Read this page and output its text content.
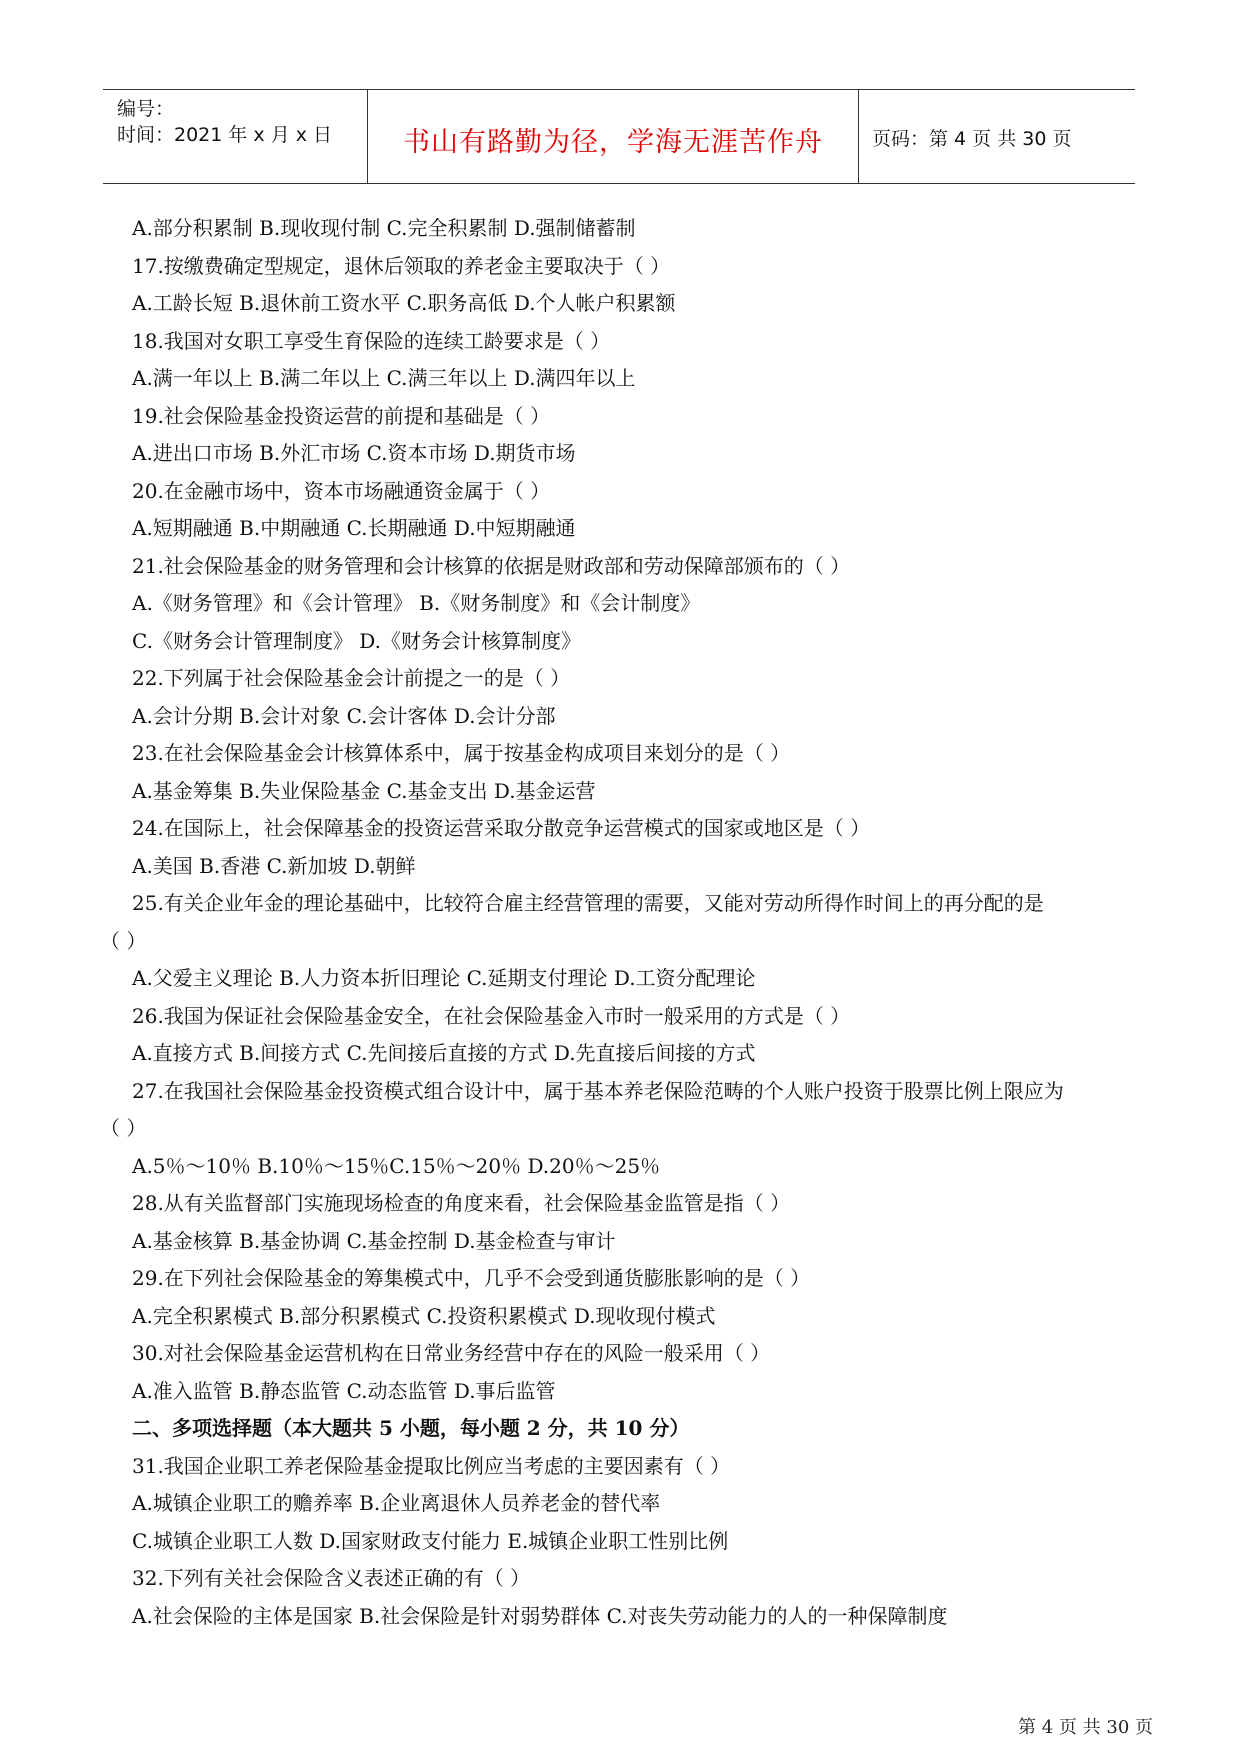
编号：
时间：2021 年 x 月 x 日	书山有路勤为径，学海无涯苦作舟	页码：第 4 页 共 30 页
A.部分积累制 B.现收现付制 C.完全积累制 D.强制储蓄制
17.按缴费确定型规定，退休后领取的养老金主要取决于（ ）
A.工龄长短 B.退休前工资水平 C.职务高低 D.个人帐户积累额
18.我国对女职工享受生育保险的连续工龄要求是（ ）
A.满一年以上 B.满二年以上 C.满三年以上 D.满四年以上
19.社会保险基金投资运营的前提和基础是（ ）
A.进出口市场 B.外汇市场 C.资本市场 D.期货市场
20.在金融市场中，资本市场融通资金属于（ ）
A.短期融通 B.中期融通 C.长期融通 D.中短期融通
21.社会保险基金的财务管理和会计核算的依据是财政部和劳动保障部颁布的（ ）
A.《财务管理》和《会计管理》 B.《财务制度》和《会计制度》
C.《财务会计管理制度》 D.《财务会计核算制度》
22.下列属于社会保险基金会计前提之一的是（ ）
A.会计分期 B.会计对象 C.会计客体 D.会计分部
23.在社会保险基金会计核算体系中，属于按基金构成项目来划分的是（ ）
A.基金筹集 B.失业保险基金 C.基金支出 D.基金运营
24.在国际上，社会保障基金的投资运营采取分散竞争运营模式的国家或地区是（ ）
A.美国 B.香港 C.新加坡 D.朝鲜
25.有关企业年金的理论基础中，比较符合雇主经营管理的需要，又能对劳动所得作时间上的再分配的是
（ ）
A.父爱主义理论 B.人力资本折旧理论 C.延期支付理论 D.工资分配理论
26.我国为保证社会保险基金安全，在社会保险基金入市时一般采用的方式是（ ）
A.直接方式 B.间接方式 C.先间接后直接的方式 D.先直接后间接的方式
27.在我国社会保险基金投资模式组合设计中，属于基本养老保险范畴的个人账户投资于股票比例上限应为
（ ）
A.5％～10％ B.10％～15％C.15％～20％ D.20％～25％
28.从有关监督部门实施现场检查的角度来看，社会保险基金监管是指（ ）
A.基金核算 B.基金协调 C.基金控制 D.基金检查与审计
29.在下列社会保险基金的筹集模式中，几乎不会受到通货膨胀影响的是（ ）
A.完全积累模式 B.部分积累模式 C.投资积累模式 D.现收现付模式
30.对社会保险基金运营机构在日常业务经营中存在的风险一般采用（ ）
A.准入监管 B.静态监管 C.动态监管 D.事后监管
二、多项选择题（本大题共 5 小题，每小题 2 分，共 10 分）
31.我国企业职工养老保险基金提取比例应当考虑的主要因素有（ ）
A.城镇企业职工的赡养率 B.企业离退休人员养老金的替代率
C.城镇企业职工人数 D.国家财政支付能力 E.城镇企业职工性别比例
32.下列有关社会保险含义表述正确的有（ ）
A.社会保险的主体是国家 B.社会保险是针对弱势群体 C.对丧失劳动能力的人的一种保障制度
第 4 页 共 30 页
